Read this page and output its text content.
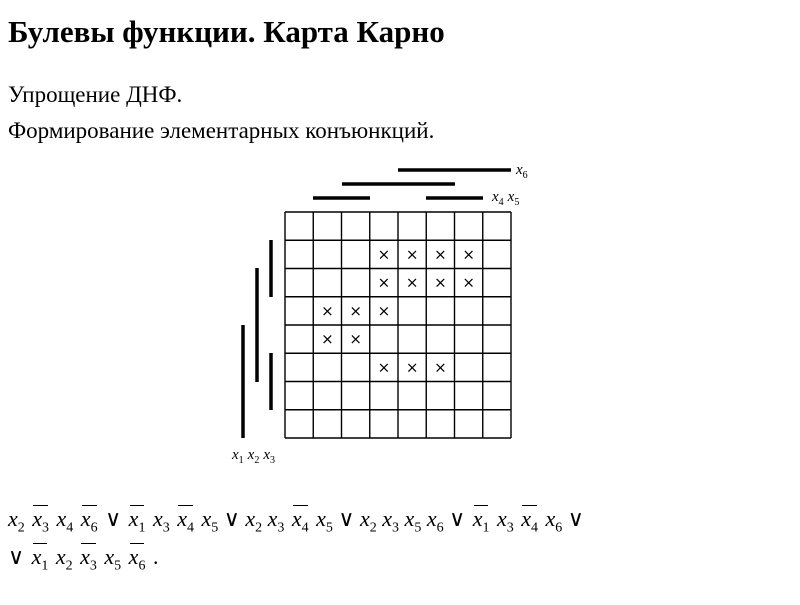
Булевы функции. Карта Карно
Упрощение ДНФ.
Формирование элементарных конъюнкций.
× × × ×
× × × ×
× × ×
× ×
× × ×
$x_6$
$x_4$ $x_5$
$x_1$ $x_2$ $x_3$
$x_2$ $x_3$ $x_4$ $x_6$ ∨ $x_1$ $x_3$ $x_4$ $x_5$ ∨ $x_2$ $x_3$ $x_4$ $x_5$ ∨ $x_2$ $x_3$ $x_5$ $x_6$ ∨ $x_1$ $x_3$ $x_4$ $x_6$ ∨
∨ $x_1$ $x_2$ $x_3$ $x_5$ $x_6$ .
